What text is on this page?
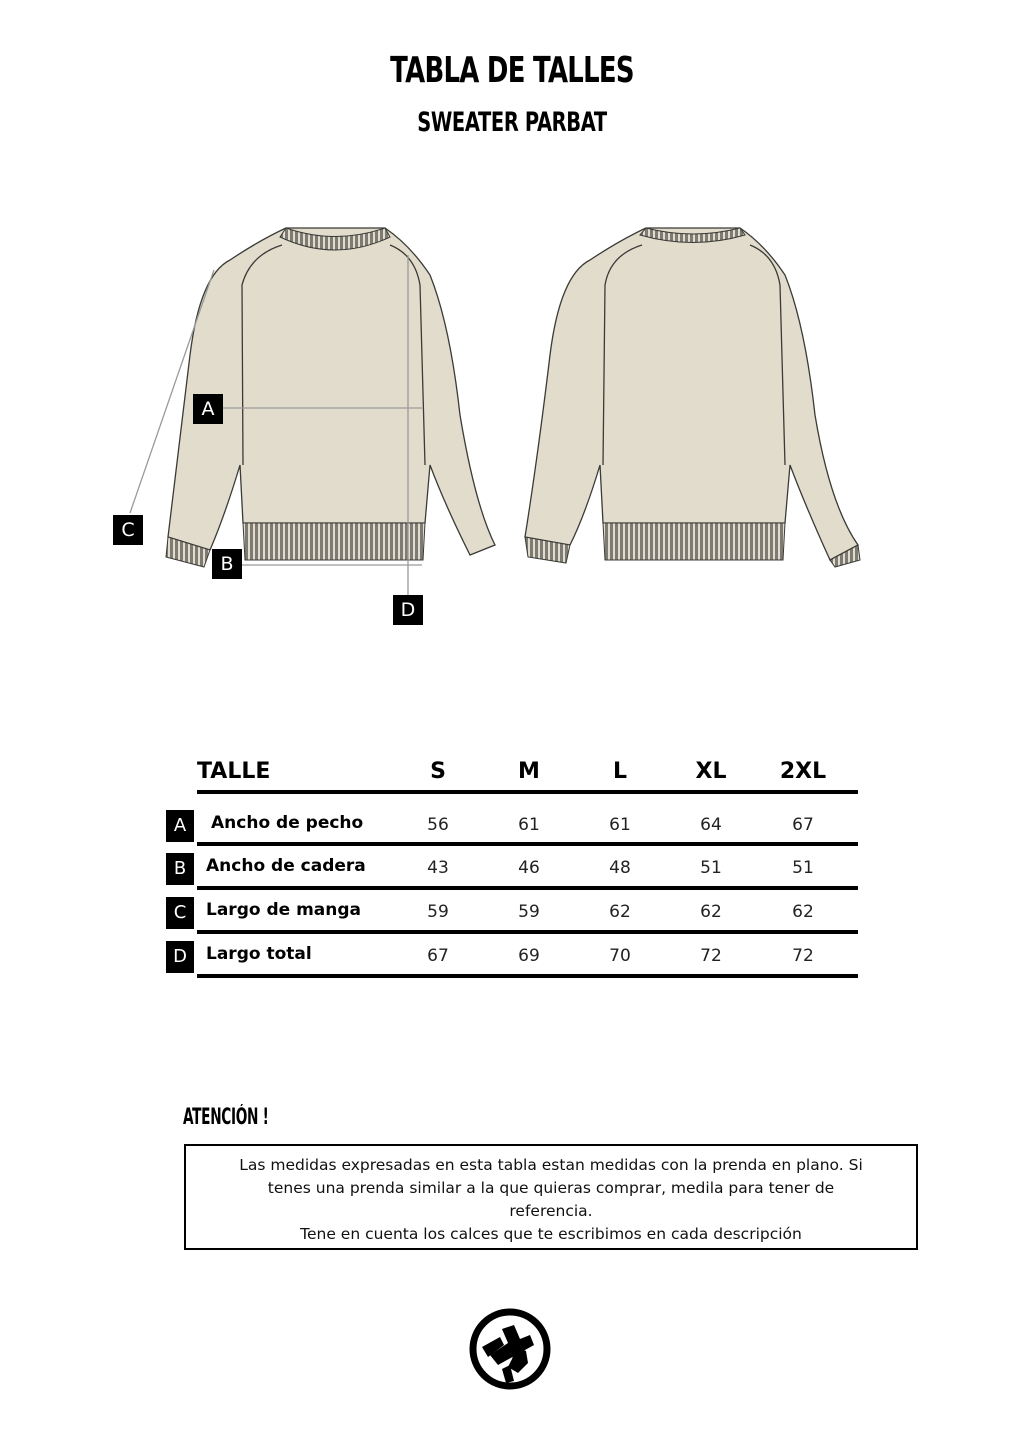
TABLA DE TALLES
SWEATER PARBAT
A
B
C
D
TALLE	S	M	L	XL	2XL
A	Ancho de pecho	56	61	61	64	67
B	Ancho de cadera	43	46	48	51	51
C	Largo de manga	59	59	62	62	62
D	Largo total	67	69	70	72	72
ATENCIÓN !

Las medidas expresadas en esta tabla estan medidas con la prenda en plano. Si

tenes una prenda similar a la que quieras comprar, medila para tener de

referencia.

Tene en cuenta los calces que te escribimos en cada descripción
